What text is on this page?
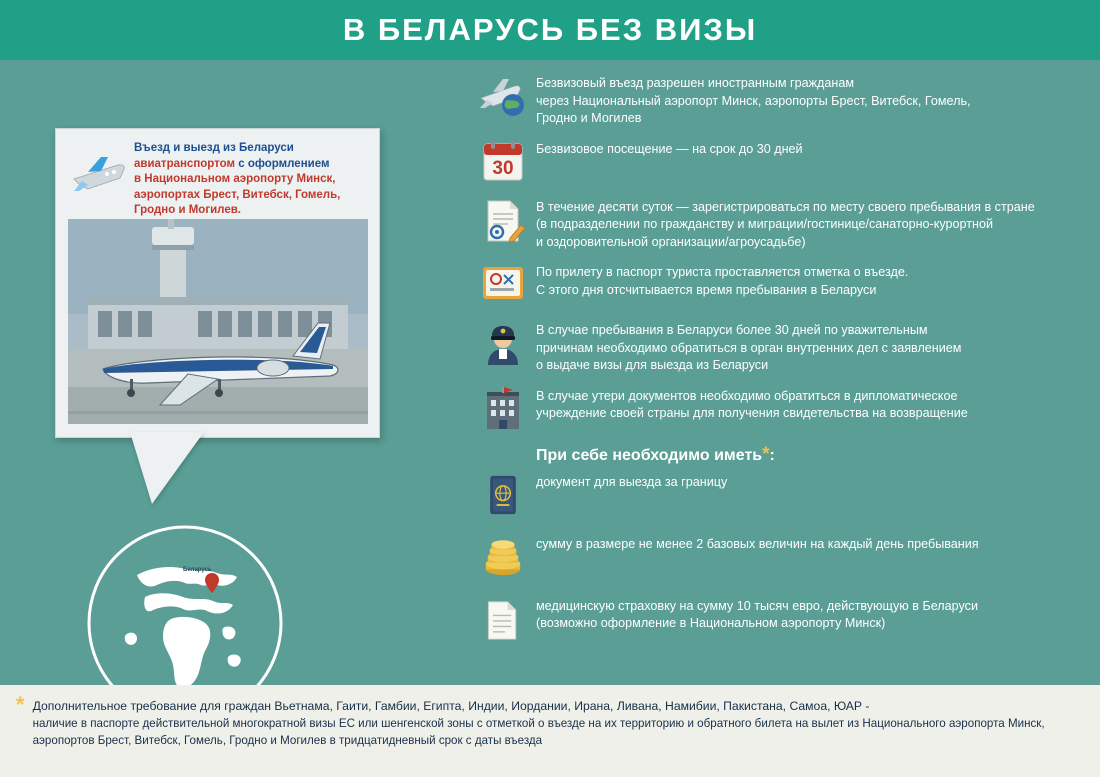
В БЕЛАРУСЬ БЕЗ ВИЗЫ
Въезд и выезд из Беларуси
авиатранспортом с оформлением
в Национальном аэропорту Минск,
аэропортах Брест, Витебск, Гомель,
Гродно и Могилев.
Беларусь
Безвизовый въезд разрешен иностранным гражданам
через Национальный аэропорт Минск, аэропорты Брест, Витебск, Гомель,
Гродно и Могилев
30
Безвизовое посещение — на срок до 30 дней
В течение десяти суток — зарегистрироваться по месту своего пребывания в стране
(в подразделении по гражданству и миграции/гостинице/санаторно-курортной
и оздоровительной организации/агроусадьбе)
По прилету в паспорт туриста проставляется отметка о въезде.
С этого дня отсчитывается время пребывания в Беларуси
В случае пребывания в Беларуси более 30 дней по уважительным
причинам необходимо обратиться в орган внутренних дел с заявлением
о выдаче визы для выезда из Беларуси
В случае утери документов необходимо обратиться в дипломатическое
учреждение своей страны для получения свидетельства на возвращение
При себе необходимо иметь*:
документ для выезда за границу
сумму в размере не менее 2 базовых величин на каждый день пребывания
медицинскую страховку на сумму 10 тысяч евро, действующую в Беларуси
(возможно оформление в Национальном аэропорту Минск)
* Дополнительное требование для граждан Вьетнама, Гаити, Гамбии, Египта, Индии, Иордании, Ирана, Ливана, Намибии, Пакистана, Самоа, ЮАР -
наличие в паспорте действительной многократной визы ЕС или шенгенской зоны с отметкой о въезде на их территорию и обратного билета на вылет из Национального аэропорта Минск,
аэропортов Брест, Витебск, Гомель, Гродно и Могилев в тридцатидневный срок с даты въезда
